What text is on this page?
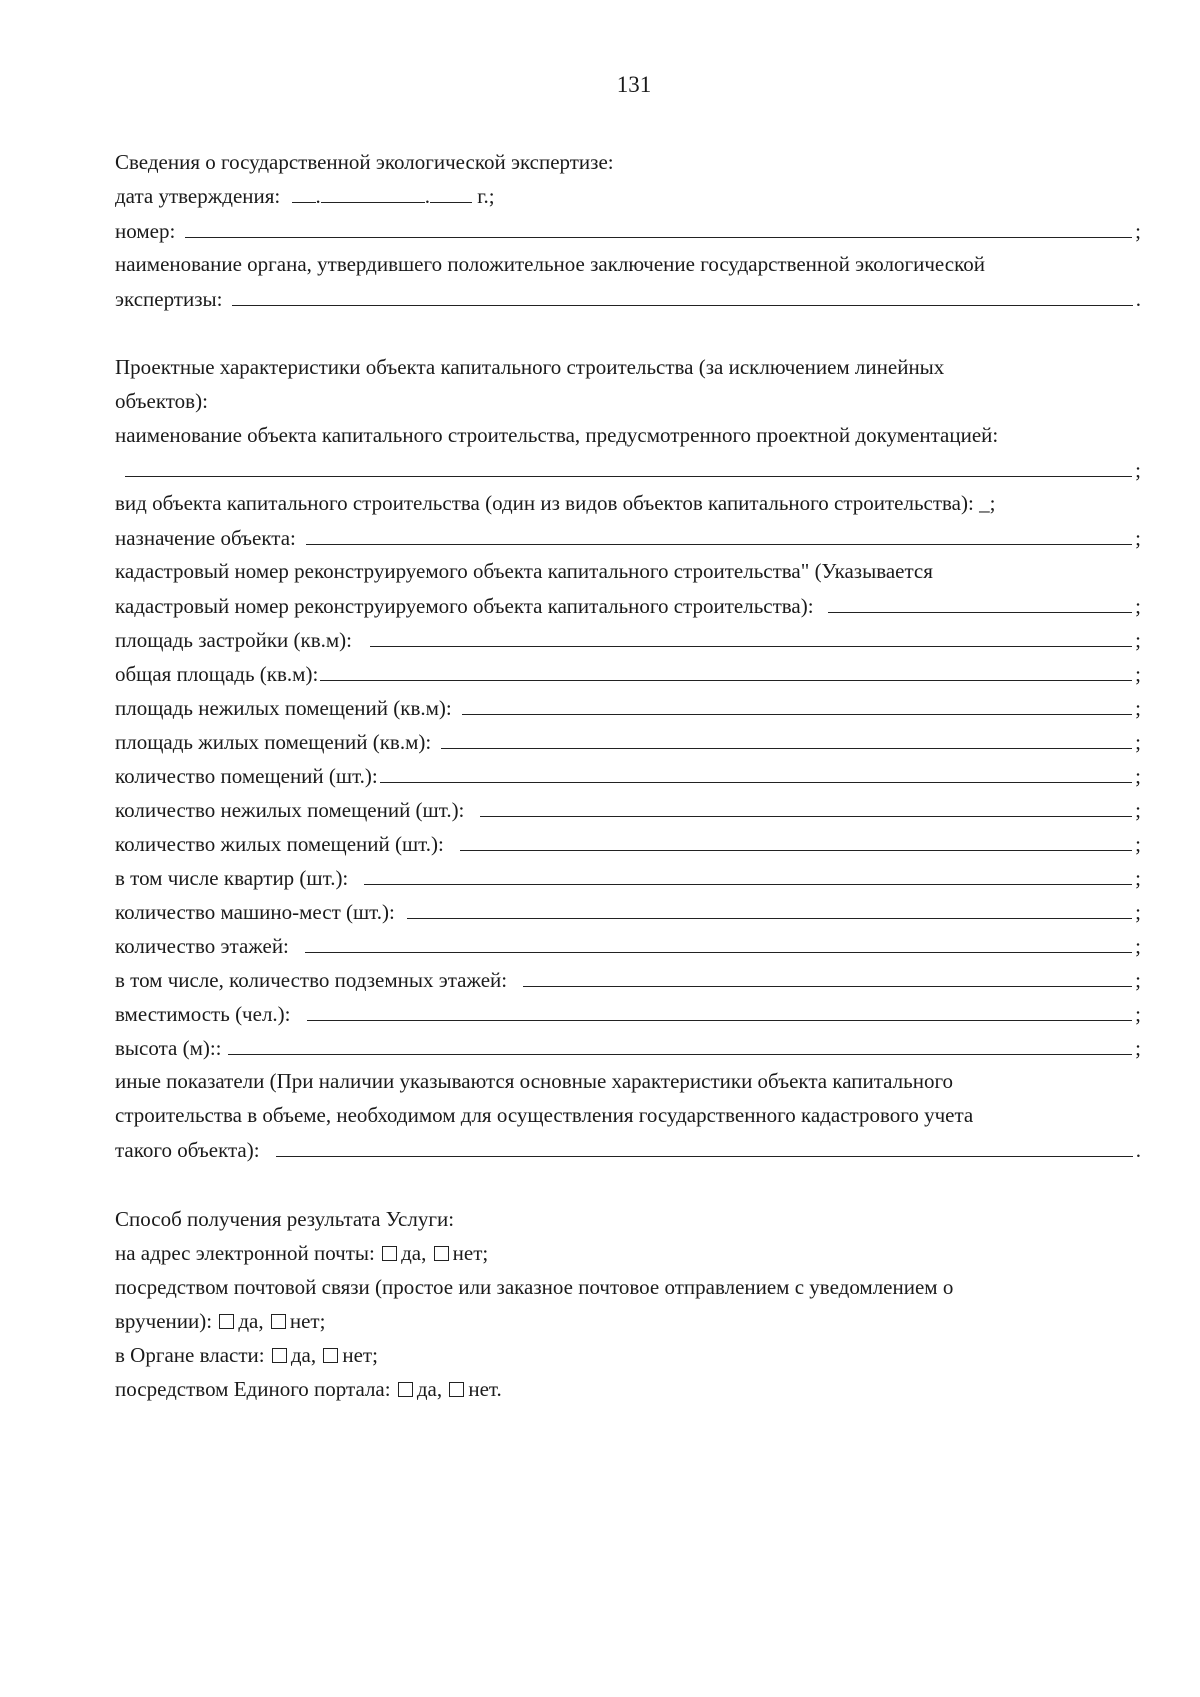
131
Сведения о государственной экологической экспертизе:
дата утверждения: .	. г.;
номер:	;
наименование органа, утвердившего положительное заключение государственной экологической
экспертизы:	.
Проектные характеристики объекта капитального строительства (за исключением линейных
объектов):
наименование объекта капитального строительства, предусмотренного проектной документацией:
;
вид объекта капитального строительства (один из видов объектов капитального строительства): _;
назначение объекта:	;
кадастровый номер реконструируемого объекта капитального строительства" (Указывается
кадастровый номер реконструируемого объекта капитального строительства):	;
площадь застройки (кв.м):	;
общая площадь (кв.м):	;
площадь нежилых помещений (кв.м):	;
площадь жилых помещений (кв.м):	;
количество помещений (шт.):	;
количество нежилых помещений (шт.):	;
количество жилых помещений (шт.):	;
в том числе квартир (шт.):	;
количество машино-мест (шт.):	;
количество этажей:	;
в том числе, количество подземных этажей:	;
вместимость (чел.):	;
высота (м)::	;
иные показатели (При наличии указываются основные характеристики объекта капитального
строительства в объеме, необходимом для осуществления государственного кадастрового учета
такого объекта):	.
Способ получения результата Услуги:
на адрес электронной почты: да, нет;
посредством почтовой связи (простое или заказное почтовое отправлением с уведомлением о
вручении): да, нет;
в Органе власти: да, нет;
посредством Единого портала: да, нет.
